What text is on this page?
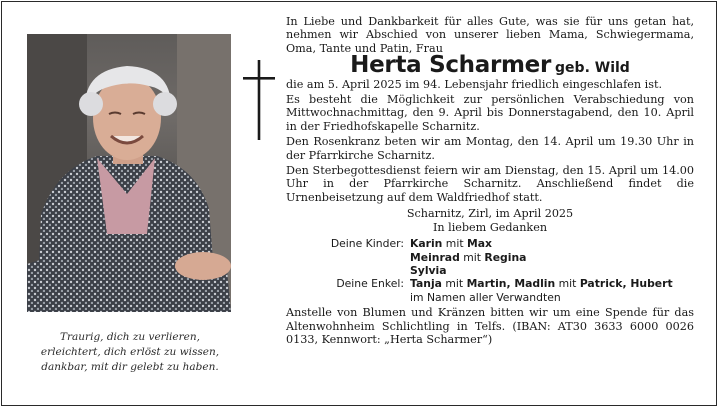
Traurig, dich zu verlieren,
erleichtert, dich erlöst zu wissen,
dankbar, mit dir gelebt zu haben.
In Liebe und Dankbarkeit für alles Gute, was sie für uns getan hat, nehmen wir Abschied von unserer lieben Mama, Schwiegermama, Oma, Tante und Patin, Frau
Herta Scharmer geb. Wild
die am 5. April 2025 im 94. Lebensjahr friedlich eingeschlafen ist.
Es besteht die Möglichkeit zur persönlichen Verabschiedung von Mittwochnachmittag, den 9. April bis Donnerstagabend, den 10. April in der Friedhofskapelle Scharnitz.
Den Rosenkranz beten wir am Montag, den 14. April um 19.30 Uhr in der Pfarrkirche Scharnitz.
Den Sterbegottesdienst feiern wir am Dienstag, den 15. April um 14.00 Uhr in der Pfarrkirche Scharnitz. Anschließend findet die Urnenbeisetzung auf dem Waldfriedhof statt.
Scharnitz, Zirl, im April 2025
In liebem Gedanken
Deine Kinder: Karin mit Max
Meinrad mit Regina
Sylvia
Deine Enkel: Tanja mit Martin, Madlin mit Patrick, Hubert
im Namen aller Verwandten
Anstelle von Blumen und Kränzen bitten wir um eine Spende für das Altenwohnheim Schlichtling in Telfs. (IBAN: AT30 3633 6000 0026 0133, Kennwort: „Herta Scharmer“)
